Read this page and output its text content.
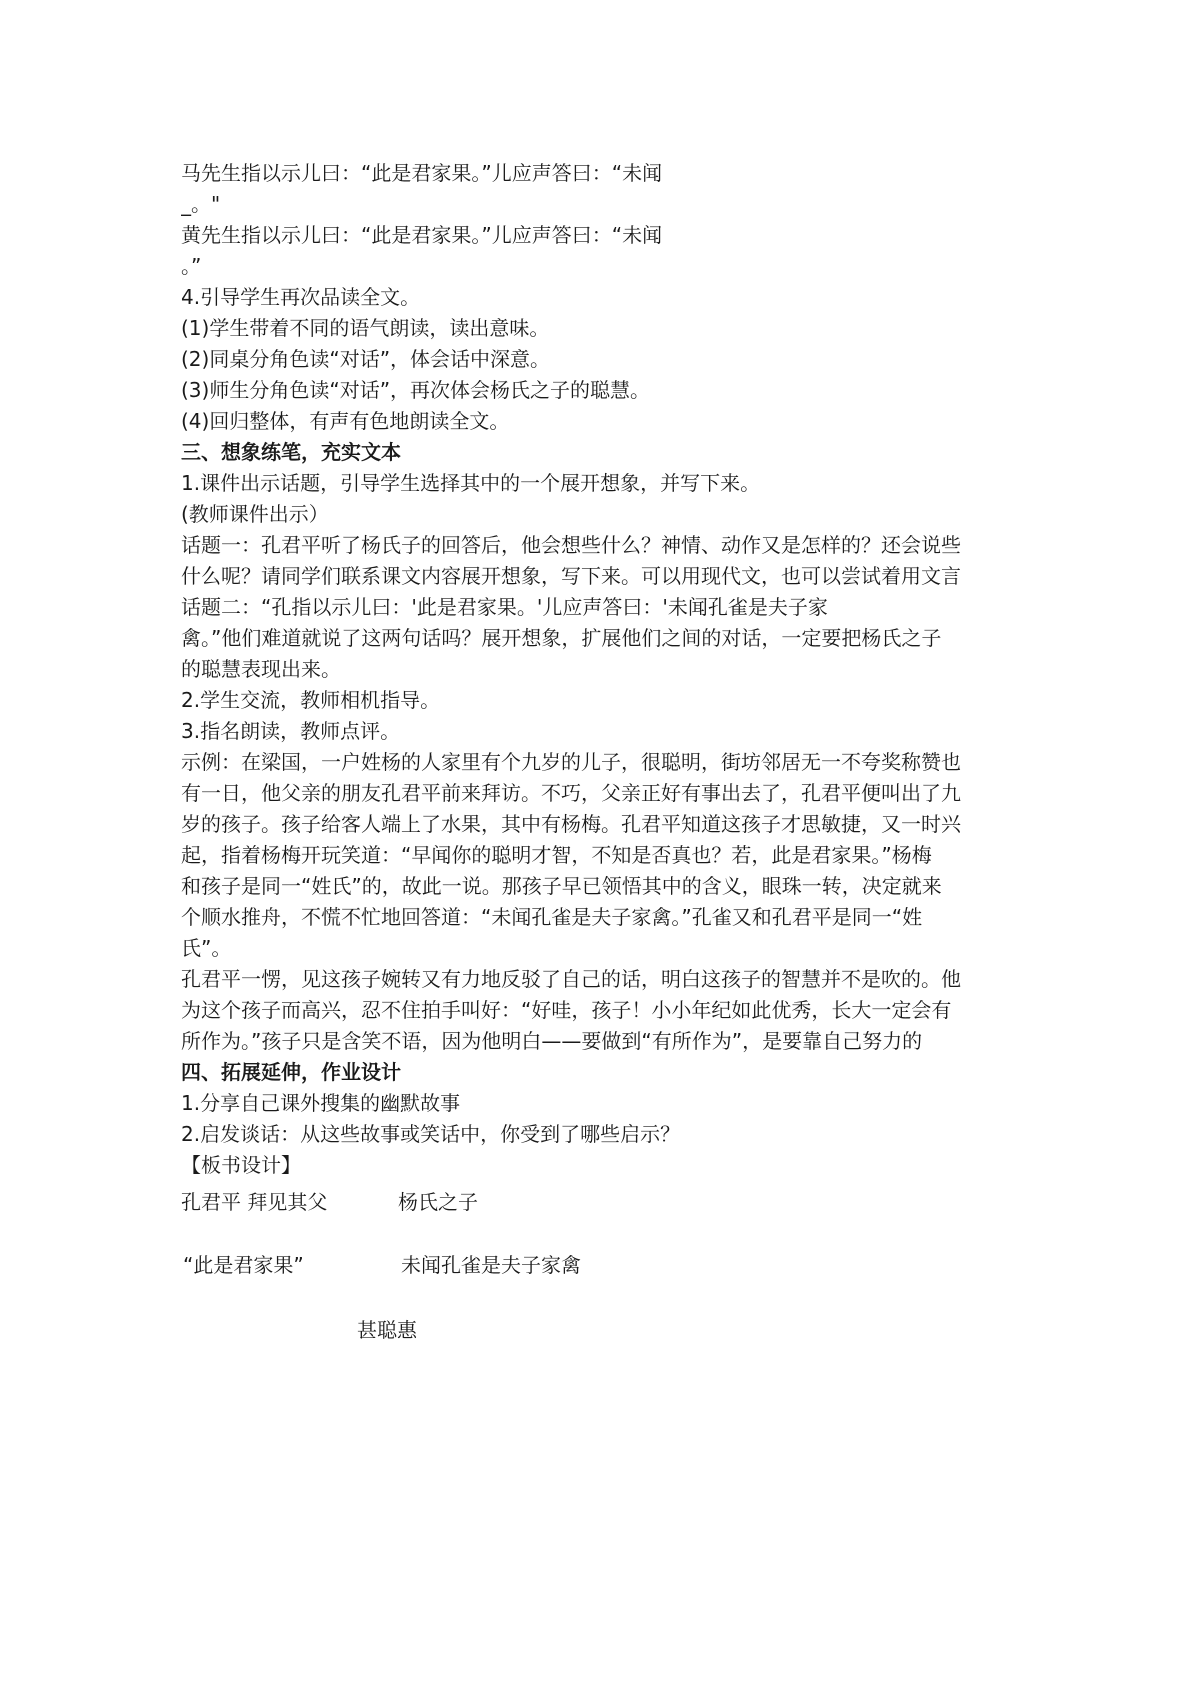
马先生指以示儿曰：“此是君家果。”儿应声答曰：“未闻
_。"
黄先生指以示儿曰：“此是君家果。”儿应声答曰：“未闻
。”
4.引导学生再次品读全文。
(1)学生带着不同的语气朗读，读出意味。
(2)同桌分角色读“对话”，体会话中深意。
(3)师生分角色读“对话”，再次体会杨氏之子的聪慧。
(4)回归整体，有声有色地朗读全文。
三、想象练笔，充实文本
1.课件出示话题，引导学生选择其中的一个展开想象，并写下来。
(教师课件出示）
话题一：孔君平听了杨氏子的回答后，他会想些什么？神情、动作又是怎样的？还会说些
什么呢？请同学们联系课文内容展开想象，写下来。可以用现代文，也可以尝试着用文言
话题二：“孔指以示儿曰：'此是君家果。'儿应声答曰：'未闻孔雀是夫子家
禽。”他们难道就说了这两句话吗？展开想象，扩展他们之间的对话，一定要把杨氏之子
的聪慧表现出来。
2.学生交流，教师相机指导。
3.指名朗读，教师点评。
示例：在梁国，一户姓杨的人家里有个九岁的儿子，很聪明，街坊邻居无一不夸奖称赞也
有一日，他父亲的朋友孔君平前来拜访。不巧，父亲正好有事出去了，孔君平便叫出了九
岁的孩子。孩子给客人端上了水果，其中有杨梅。孔君平知道这孩子才思敏捷，又一时兴
起，指着杨梅开玩笑道：“早闻你的聪明才智，不知是否真也？若，此是君家果。”杨梅
和孩子是同一“姓氏”的，故此一说。那孩子早已领悟其中的含义，眼珠一转，决定就来
个顺水推舟，不慌不忙地回答道：“未闻孔雀是夫子家禽。”孔雀又和孔君平是同一“姓
氏”。
孔君平一愣，见这孩子婉转又有力地反驳了自己的话，明白这孩子的智慧并不是吹的。他
为这个孩子而高兴，忍不住拍手叫好：“好哇，孩子！小小年纪如此优秀，长大一定会有
所作为。”孩子只是含笑不语，因为他明白——要做到“有所作为”，是要靠自己努力的
四、拓展延伸，作业设计
1.分享自己课外搜集的幽默故事
2.启发谈话：从这些故事或笑话中，你受到了哪些启示？
【板书设计】
孔君平 拜见其父	杨氏之子
“此是君家果”	未闻孔雀是夫子家禽
甚聪惠
